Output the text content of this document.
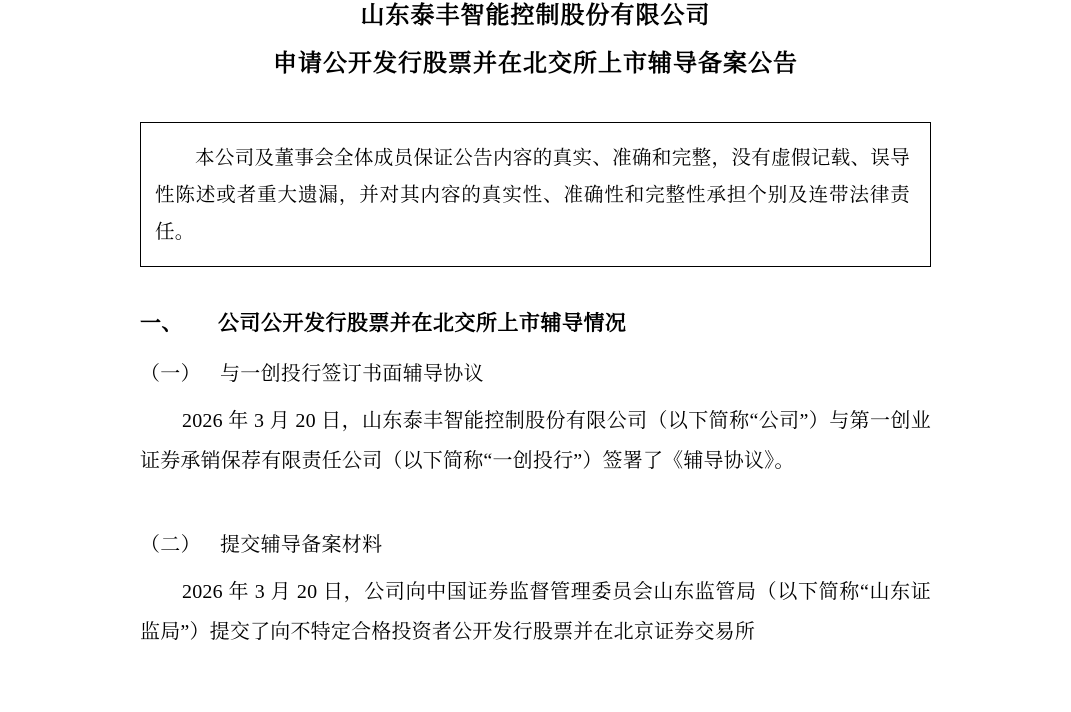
山东泰丰智能控制股份有限公司
申请公开发行股票并在北交所上市辅导备案公告

本公司及董事会全体成员保证公告内容的真实、准确和完整，没有虚假记载、误导性陈述或者重大遗漏，并对其内容的真实性、准确性和完整性承担个别及连带法律责任。

一、 公司公开发行股票并在北交所上市辅导情况
（一） 与一创投行签订书面辅导协议
2026 年 3 月 20 日，山东泰丰智能控制股份有限公司（以下简称“公司”）与第一创业证券承销保荐有限责任公司（以下简称“一创投行”）签署了《辅导协议》。
（二） 提交辅导备案材料
2026 年 3 月 20 日，公司向中国证券监督管理委员会山东监管局（以下简称“山东证监局”）提交了向不特定合格投资者公开发行股票并在北京证券交易所
